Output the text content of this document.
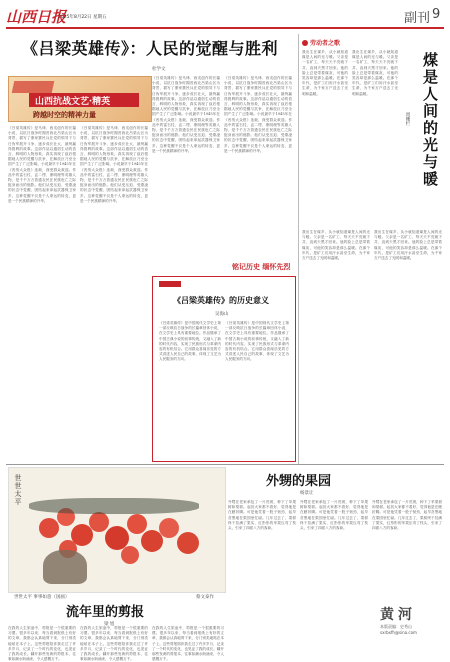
山西日报
2025年8月22日 星期五	副刊 9
《吕梁英雄传》：人民的觉醒与胜利
杜学文
山西抗战文艺·精英
跨越时空的精神力量
《吕梁英雄传》是马烽、西戎创作的长篇小说，以抗日战争时期晋西北吕梁山区为背景，描写了康家寨民兵在党的领导下与日伪军展开斗争，逐步成长壮大，最终赢得胜利的故事。这部作品以通俗生动的语言、鲜明的人物形象，真实再现了敌后根据地人民的觉醒与抗争，在解放区乃至全国产生了广泛影响。小说最早于1945年在《晋绥大众报》连载，深受群众欢迎。作品中的雷石柱、孟二愣、康明理等英雄人物，是千千万万普通农民在民族危亡之际挺身而出的缩影。他们从受压迫、受欺凌的状态中觉醒，团结起来拿起武器保卫家乡。这种觉醒不仅是个人命运的转变，更是一个民族精神的升华。
《吕梁英雄传》是马烽、西戎创作的长篇小说，以抗日战争时期晋西北吕梁山区为背景，描写了康家寨民兵在党的领导下与日伪军展开斗争，逐步成长壮大，最终赢得胜利的故事。这部作品以通俗生动的语言、鲜明的人物形象，真实再现了敌后根据地人民的觉醒与抗争，在解放区乃至全国产生了广泛影响。小说最早于1945年在《晋绥大众报》连载，深受群众欢迎。作品中的雷石柱、孟二愣、康明理等英雄人物，是千千万万普通农民在民族危亡之际挺身而出的缩影。他们从受压迫、受欺凌的状态中觉醒，团结起来拿起武器保卫家乡。这种觉醒不仅是个人命运的转变，更是一个民族精神的升华。
《吕梁英雄传》是马烽、西戎创作的长篇小说，以抗日战争时期晋西北吕梁山区为背景，描写了康家寨民兵在党的领导下与日伪军展开斗争，逐步成长壮大，最终赢得胜利的故事。这部作品以通俗生动的语言、鲜明的人物形象，真实再现了敌后根据地人民的觉醒与抗争，在解放区乃至全国产生了广泛影响。小说最早于1945年在《晋绥大众报》连载，深受群众欢迎。作品中的雷石柱、孟二愣、康明理等英雄人物，是千千万万普通农民在民族危亡之际挺身而出的缩影。他们从受压迫、受欺凌的状态中觉醒，团结起来拿起武器保卫家乡。这种觉醒不仅是个人命运的转变，更是一个民族精神的升华。
《吕梁英雄传》是马烽、西戎创作的长篇小说，以抗日战争时期晋西北吕梁山区为背景，描写了康家寨民兵在党的领导下与日伪军展开斗争，逐步成长壮大，最终赢得胜利的故事。这部作品以通俗生动的语言、鲜明的人物形象，真实再现了敌后根据地人民的觉醒与抗争，在解放区乃至全国产生了广泛影响。小说最早于1945年在《晋绥大众报》连载，深受群众欢迎。作品中的雷石柱、孟二愣、康明理等英雄人物，是千千万万普通农民在民族危亡之际挺身而出的缩影。他们从受压迫、受欺凌的状态中觉醒，团结起来拿起武器保卫家乡。这种觉醒不仅是个人命运的转变，更是一个民族精神的升华。
铭记历史 缅怀先烈
《吕梁英雄传》的历史意义
吴海山
《吕梁英雄传》是中国现代文学史上第一部反映抗日战争的长篇章回体小说，在文学史上具有重要地位。作品继承了中国古典小说的叙事传统，又融入了新的时代内容，实现了民族形式与革命内容的有机结合。它用群众喜闻乐见的方式讲述人民自己的故事，体现了文艺为人民服务的方向。
《吕梁英雄传》是中国现代文学史上第一部反映抗日战争的长篇章回体小说，在文学史上具有重要地位。作品继承了中国古典小说的叙事传统，又融入了新的时代内容，实现了民族形式与革命内容的有机结合。它用群众喜闻乐见的方式讲述人民自己的故事，体现了文艺为人民服务的方向。
劳动者之歌
煤是人间的光与暖
周栅栏
我出生在煤乡，从小就知道煤是人间的光与暖。父亲是一名矿工，每天天不亮就下井，直到天黑才回来。他的脸上总是带着煤灰，可他的笑容却是那么温暖。在那个年代，是矿工们用汗水甚至生命，为千家万户送去了光明和温暖。
我出生在煤乡，从小就知道煤是人间的光与暖。父亲是一名矿工，每天天不亮就下井，直到天黑才回来。他的脸上总是带着煤灰，可他的笑容却是那么温暖。在那个年代，是矿工们用汗水甚至生命，为千家万户送去了光明和温暖。
我出生在煤乡，从小就知道煤是人间的光与暖。父亲是一名矿工，每天天不亮就下井，直到天黑才回来。他的脸上总是带着煤灰，可他的笑容却是那么温暖。在那个年代，是矿工们用汗水甚至生命，为千家万户送去了光明和温暖。
我出生在煤乡，从小就知道煤是人间的光与暖。父亲是一名矿工，每天天不亮就下井，直到天黑才回来。他的脸上总是带着煤灰，可他的笑容却是那么温暖。在那个年代，是矿工们用汗水甚至生命，为千家万户送去了光明和温暖。
世世太平
世世太平 事事如意（国画）	蔡文泰作
流年里的剪报
梁 旭
在我的人生旅途中，剪报是一个很重要的习惯。很多年以来，每当看到报纸上有好的文章，我都会认真地剪下来，分门别类地贴在本子上。这些剪报陪伴我走过了许多岁月，记录了一个时代的变化，也见证了我的成长。翻开那些发黄的剪报本，往事如潮水般涌来，令人感慨万千。
在我的人生旅途中，剪报是一个很重要的习惯。很多年以来，每当看到报纸上有好的文章，我都会认真地剪下来，分门别类地贴在本子上。这些剪报陪伴我走过了许多岁月，记录了一个时代的变化，也见证了我的成长。翻开那些发黄的剪报本，往事如潮水般涌来，令人感慨万千。
在我的人生旅途中，剪报是一个很重要的习惯。很多年以来，每当看到报纸上有好的文章，我都会认真地剪下来，分门别类地贴在本子上。这些剪报陪伴我走过了许多岁月，记录了一个时代的变化，也见证了我的成长。翻开那些发黄的剪报本，往事如潮水般涌来，令人感慨万千。
外甥的果园
杨景让
外甥在老家承包了一片荒坡，种下了苹果树和梨树。起初大家都不看好，觉得他是在瞎折腾。可是他凭着一股子韧劲，起早贪黑地在果园里忙碌。几年过去了，果树终于挂满了果实，红彤彤的苹果压弯了枝头，引来了四面八方的客商。
外甥在老家承包了一片荒坡，种下了苹果树和梨树。起初大家都不看好，觉得他是在瞎折腾。可是他凭着一股子韧劲，起早贪黑地在果园里忙碌。几年过去了，果树终于挂满了果实，红彤彤的苹果压弯了枝头，引来了四面八方的客商。
外甥在老家承包了一片荒坡，种下了苹果树和梨树。起初大家都不看好，觉得他是在瞎折腾。可是他凭着一股子韧劲，起早贪黑地在果园里忙碌。几年过去了，果树终于挂满了果实，红彤彤的苹果压弯了枝头，引来了四面八方的客商。
黄河
本版责编：史秀山
sxrbxfh@sina.com
